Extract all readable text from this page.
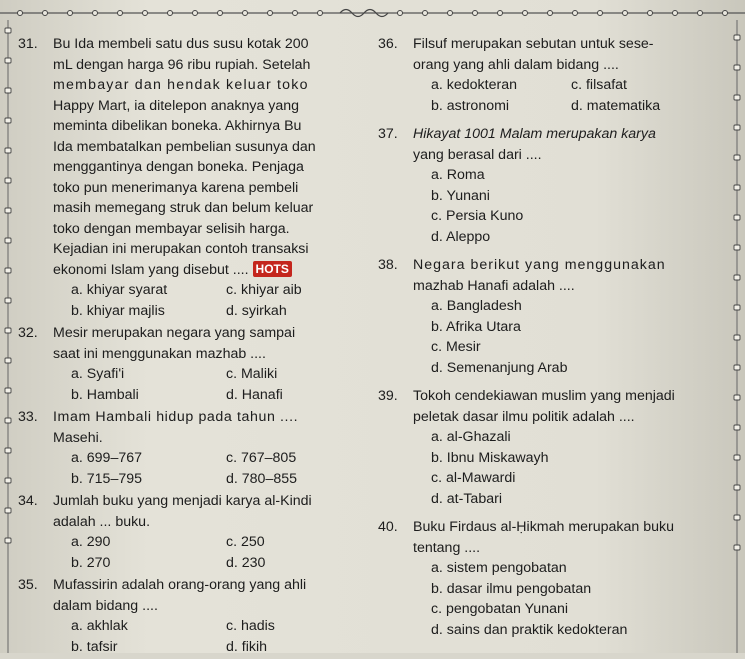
31.	Bu Ida membeli satu dus susu kotak 200
mL dengan harga 96 ribu rupiah. Setelah
membayar dan hendak keluar toko
Happy Mart, ia ditelepon anaknya yang
meminta dibelikan boneka. Akhirnya Bu
Ida membatalkan pembelian susunya dan
menggantinya dengan boneka. Penjaga
toko pun menerimanya karena pembeli
masih memegang struk dan belum keluar
toko dengan membayar selisih harga.
Kejadian ini merupakan contoh transaksi
ekonomi Islam yang disebut .... HOTS
a. khiyar syarat	c. khiyar aib
b. khiyar majlis	d. syirkah
32.	Mesir merupakan negara yang sampai
saat ini menggunakan mazhab ....
a. Syafi'i	c. Maliki
b. Hambali	d. Hanafi
33.	Imam Hambali hidup pada tahun ....
Masehi.
a. 699–767	c. 767–805
b. 715–795	d. 780–855
34.	Jumlah buku yang menjadi karya al-Kindi
adalah ... buku.
a. 290	c. 250
b. 270	d. 230
35.	Mufassirin adalah orang-orang yang ahli
dalam bidang ....
a. akhlak	c. hadis
b. tafsir	d. fikih
36.	Filsuf merupakan sebutan untuk sese-
orang yang ahli dalam bidang ....
a. kedokteran	c. filsafat
b. astronomi	d. matematika
37.	Hikayat 1001 Malam merupakan karya
yang berasal dari ....
a. Roma
b. Yunani
c. Persia Kuno
d. Aleppo
38.	Negara berikut yang menggunakan
mazhab Hanafi adalah ....
a. Bangladesh
b. Afrika Utara
c. Mesir
d. Semenanjung Arab
39.	Tokoh cendekiawan muslim yang menjadi
peletak dasar ilmu politik adalah ....
a. al-Ghazali
b. Ibnu Miskawayh
c. al-Mawardi
d. at-Tabari
40.	Buku Firdaus al-Ḥikmah merupakan buku
tentang ....
a. sistem pengobatan
b. dasar ilmu pengobatan
c. pengobatan Yunani
d. sains dan praktik kedokteran
